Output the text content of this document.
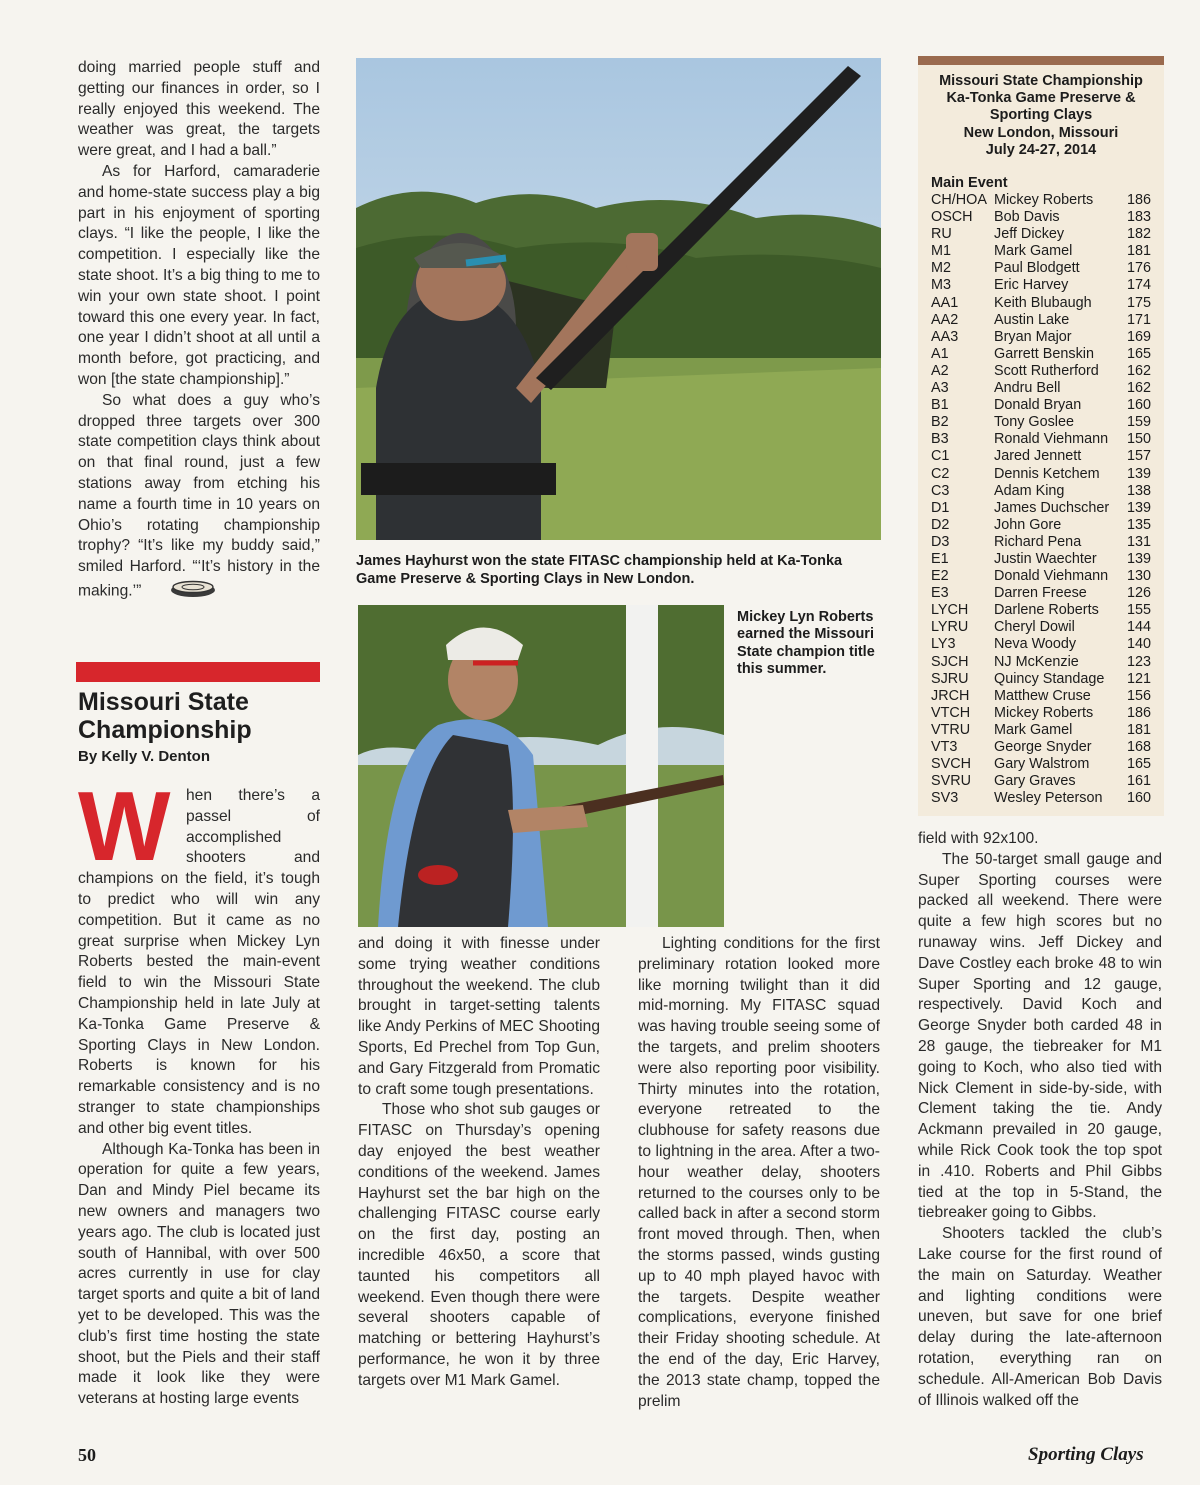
doing married people stuff and getting our finances in order, so I really enjoyed this weekend. The weather was great, the targets were great, and I had a ball.”

As for Harford, camaraderie and home-state success play a big part in his enjoyment of sporting clays. “I like the people, I like the competition. I especially like the state shoot. It’s a big thing to me to win your own state shoot. I point toward this one every year. In fact, one year I didn’t shoot at all until a month before, got practicing, and won [the state championship].”

So what does a guy who’s dropped three targets over 300 state competition clays think about on that final round, just a few stations away from etching his name a fourth time in 10 years on Ohio’s rotating championship trophy? “It’s like my buddy said,” smiled Harford. “‘It’s history in the making.’”

Missouri State Championship
By Kelly V. Denton

W hen there’s a passel of accomplished shooters and champions on the field, it’s tough to predict who will win any competition. But it came as no great surprise when Mickey Lyn Roberts bested the main-event field to win the Missouri State Championship held in late July at Ka-Tonka Game Preserve & Sporting Clays in New London. Roberts is known for his remarkable consistency and is no stranger to state championships and other big event titles.

Although Ka-Tonka has been in operation for quite a few years, Dan and Mindy Piel became its new owners and managers two years ago. The club is located just south of Hannibal, with over 500 acres currently in use for clay target sports and quite a bit of land yet to be developed. This was the club’s first time hosting the state shoot, but the Piels and their staff made it look like they were veterans at hosting large events

James Hayhurst won the state FITASC championship held at Ka-Tonka Game Preserve & Sporting Clays in New London.
Mickey Lyn Roberts earned the Missouri State champion title this summer.

and doing it with finesse under some trying weather conditions throughout the weekend. The club brought in target-setting talents like Andy Perkins of MEC Shooting Sports, Ed Prechel from Top Gun, and Gary Fitzgerald from Promatic to craft some tough presentations.

Those who shot sub gauges or FITASC on Thursday’s opening day enjoyed the best weather conditions of the weekend. James Hayhurst set the bar high on the challenging FITASC course early on the first day, posting an incredible 46x50, a score that taunted his competitors all weekend. Even though there were several shooters capable of matching or bettering Hayhurst’s performance, he won it by three targets over M1 Mark Gamel.

Lighting conditions for the first preliminary rotation looked more like morning twilight than it did mid-morning. My FITASC squad was having trouble seeing some of the targets, and prelim shooters were also reporting poor visibility. Thirty minutes into the rotation, everyone retreated to the clubhouse for safety reasons due to lightning in the area. After a two-hour weather delay, shooters returned to the courses only to be called back in after a second storm front moved through. Then, when the storms passed, winds gusting up to 40 mph played havoc with the targets. Despite weather complications, everyone finished their Friday shooting schedule. At the end of the day, Eric Harvey, the 2013 state champ, topped the prelim

Missouri State Championship
Ka-Tonka Game Preserve &
Sporting Clays
New London, Missouri
July 24-27, 2014
Main Event
CH/HOA Mickey Roberts	186
OSCH	Bob Davis	183
RU	Jeff Dickey	182
M1	Mark Gamel	181
M2	Paul Blodgett	176
M3	Eric Harvey	174
AA1	Keith Blubaugh	175
AA2	Austin Lake	171
AA3	Bryan Major	169
A1	Garrett Benskin	165
A2	Scott Rutherford	162
A3	Andru Bell	162
B1	Donald Bryan	160
B2	Tony Goslee	159
B3	Ronald Viehmann	150
C1	Jared Jennett	157
C2	Dennis Ketchem	139
C3	Adam King	138
D1	James Duchscher	139
D2	John Gore	135
D3	Richard Pena	131
E1	Justin Waechter	139
E2	Donald Viehmann	130
E3	Darren Freese	126
LYCH	Darlene Roberts	155
LYRU	Cheryl Dowil	144
LY3	Neva Woody	140
SJCH	NJ McKenzie	123
SJRU	Quincy Standage	121
JRCH	Matthew Cruse	156
VTCH	Mickey Roberts	186
VTRU	Mark Gamel	181
VT3	George Snyder	168
SVCH	Gary Walstrom	165
SVRU	Gary Graves	161
SV3	Wesley Peterson	160

field with 92x100.

The 50-target small gauge and Super Sporting courses were packed all weekend. There were quite a few high scores but no runaway wins. Jeff Dickey and Dave Costley each broke 48 to win Super Sporting and 12 gauge, respectively. David Koch and George Snyder both carded 48 in 28 gauge, the tiebreaker for M1 going to Koch, who also tied with Nick Clement in side-by-side, with Clement taking the tie. Andy Ackmann prevailed in 20 gauge, while Rick Cook took the top spot in .410. Roberts and Phil Gibbs tied at the top in 5-Stand, the tiebreaker going to Gibbs.

Shooters tackled the club’s Lake course for the first round of the main on Saturday. Weather and lighting conditions were uneven, but save for one brief delay during the late-afternoon rotation, everything ran on schedule. All-American Bob Davis of Illinois walked off the

50	Sporting Clays
